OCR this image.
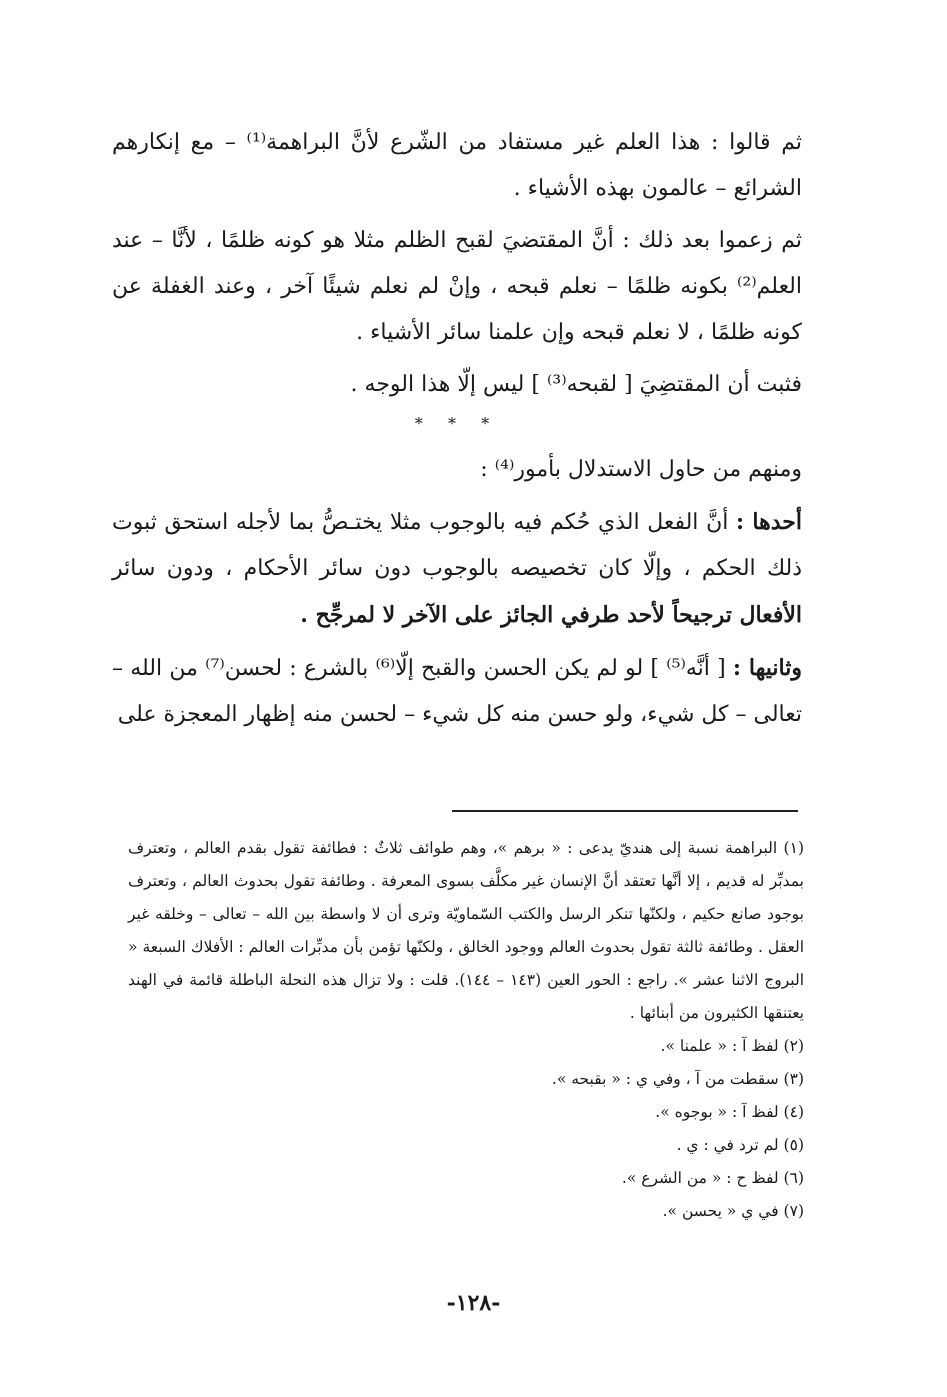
ثم قالوا : هذا العلم غير مستفاد من الشّرع لأنَّ البراهمة⁽¹⁾ – مع إنكارهم الشرائع – عالمون بهذه الأشياء .

ثم زعموا بعد ذلك : أنَّ المقتضيَ لقبح الظلم مثلا هو كونه ظلمًا ، لأنَّا – عند العلم⁽²⁾ بكونه ظلمًا – نعلم قبحه ، وإنْ لم نعلم شيئًا آخر ، وعند الغفلة عن كونه ظلمًا ، لا نعلم قبحه وإن علمنا سائر الأشياء .

فثبت أن المقتضِيَ [ لقبحه⁽³⁾ ] ليس إلّا هذا الوجه .

* * *

ومنهم من حاول الاستدلال بأمور⁽⁴⁾ :

أحدها : أنَّ الفعل الذي حُكم فيه بالوجوب مثلا يختـصُّ بما لأجله استحق ثبوت ذلك الحكم ، وإلّا كان تخصيصه بالوجوب دون سائر الأحكام ، ودون سائر الأفعال ترجيحاً لأحد طرفي الجائز على الآخر لا لمرجِّح .

وثانيها : [ أنَّه⁽⁵⁾ ] لو لم يكن الحسن والقبح إلّا⁽⁶⁾ بالشرع : لحسن⁽⁷⁾ من الله – تعالى – كل شيء، ولو حسن منه كل شيء – لحسن منه إظهار المعجزة على

(١) البراهمة نسبة إلى هنديّ يدعى : « برهم »، وهم طوائف ثلاثٌ : فطائفة تقول بقدم العالم ، وتعترف بمدبِّر له قديم ، إلا أنَّها تعتقد أنَّ الإنسان غير مكلَّف بسوى المعرفة . وطائفة تقول بحدوث العالم ، وتعترف بوجود صانع حكيم ، ولكنّها تنكر الرسل والكتب السّماويّة وترى أن لا واسطة بين الله – تعالى – وخلقه غير العقل . وطائفة ثالثة تقول بحدوث العالم ووجود الخالق ، ولكنّها تؤمن بأن مدبِّرات العالم : الأفلاك السبعة « البروج الاثنا عشر ». راجع : الحور العين (١٤٣ – ١٤٤). قلت : ولا تزال هذه النحلة الباطلة قائمة في الهند يعتنقها الكثيرون من أبنائها .

(٢) لفظ آ : « علمنا ».

(٣) سقطت من آ ، وفي ي : « بقبحه ».

(٤) لفظ آ : « بوجوه ».

(٥) لم ترد في : ي .

(٦) لفظ ح : « من الشرع ».

(٧) في ي « يحسن ».

-١٢٨-
